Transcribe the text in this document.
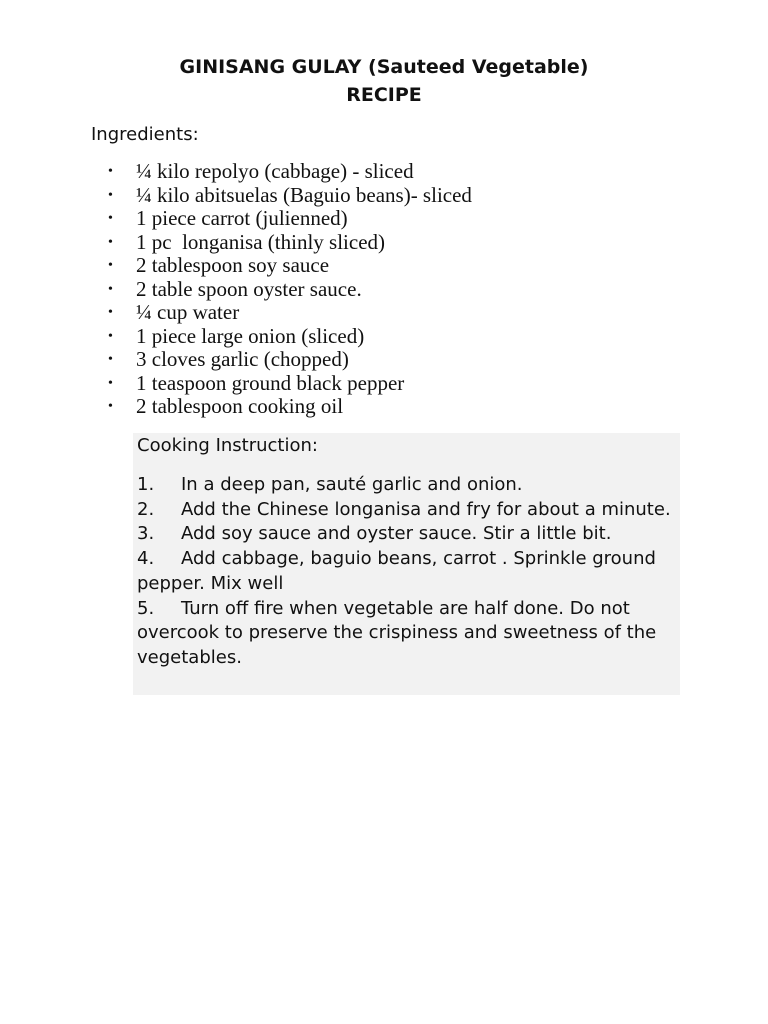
GINISANG GULAY (Sauteed Vegetable)
RECIPE

Ingredients:

•	¼ kilo repolyo (cabbage) - sliced
•	¼ kilo abitsuelas (Baguio beans)- sliced
•	1 piece carrot (julienned)
•	1 pc  longanisa (thinly sliced)
•	2 tablespoon soy sauce
•	2 table spoon oyster sauce.
•	¼ cup water
•	1 piece large onion (sliced)
•	3 cloves garlic (chopped)
•	1 teaspoon ground black pepper
•	2 tablespoon cooking oil

Cooking Instruction:

1. In a deep pan, sauté garlic and onion.
2. Add the Chinese longanisa and fry for about a minute.
3. Add soy sauce and oyster sauce. Stir a little bit.
4. Add cabbage, baguio beans, carrot . Sprinkle ground pepper. Mix well
5. Turn off fire when vegetable are half done. Do not overcook to preserve the crispiness and sweetness of the vegetables.
